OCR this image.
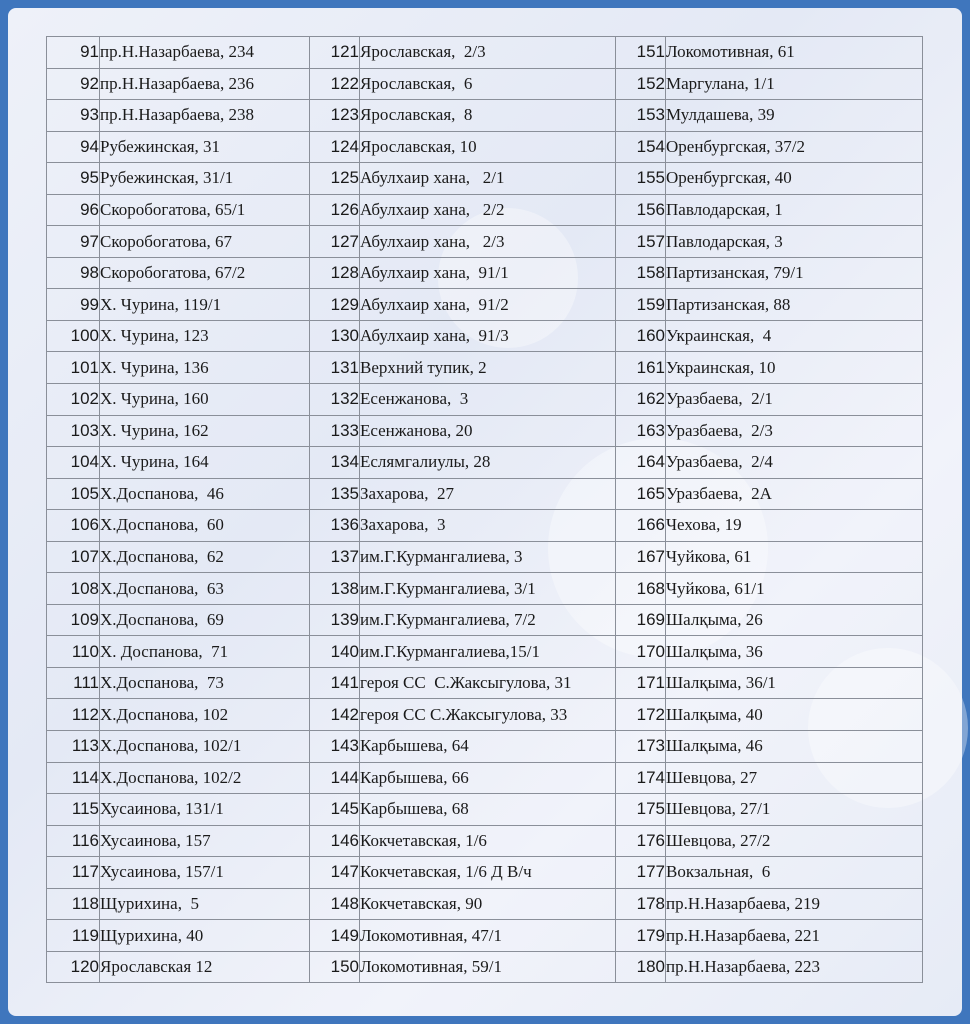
91	пр.Н.Назарбаева, 234	121	Ярославская,  2/3	151	Локомотивная, 61
92	пр.Н.Назарбаева, 236	122	Ярославская,  6	152	Маргулана, 1/1
93	пр.Н.Назарбаева, 238	123	Ярославская,  8	153	Мулдашева, 39
94	Рубежинская, 31	124	Ярославская, 10	154	Оренбургская, 37/2
95	Рубежинская, 31/1	125	Абулхаир хана,   2/1	155	Оренбургская, 40
96	Скоробогатова, 65/1	126	Абулхаир хана,   2/2	156	Павлодарская, 1
97	Скоробогатова, 67	127	Абулхаир хана,   2/3	157	Павлодарская, 3
98	Скоробогатова, 67/2	128	Абулхаир хана,  91/1	158	Партизанская, 79/1
99	Х. Чурина, 119/1	129	Абулхаир хана,  91/2	159	Партизанская, 88
100	Х. Чурина, 123	130	Абулхаир хана,  91/3	160	Украинская,  4
101	Х. Чурина, 136	131	Верхний тупик, 2	161	Украинская, 10
102	Х. Чурина, 160	132	Есенжанова,  3	162	Уразбаева,  2/1
103	Х. Чурина, 162	133	Есенжанова, 20	163	Уразбаева,  2/3
104	Х. Чурина, 164	134	Еслямгалиулы, 28	164	Уразбаева,  2/4
105	Х.Доспанова,  46	135	Захарова,  27	165	Уразбаева,  2А
106	Х.Доспанова,  60	136	Захарова,  3	166	Чехова, 19
107	Х.Доспанова,  62	137	им.Г.Курмангалиева, 3	167	Чуйкова, 61
108	Х.Доспанова,  63	138	им.Г.Курмангалиева, 3/1	168	Чуйкова, 61/1
109	Х.Доспанова,  69	139	им.Г.Курмангалиева, 7/2	169	Шалқыма, 26
110	Х. Доспанова,  71	140	им.Г.Курмангалиева,15/1	170	Шалқыма, 36
111	Х.Доспанова,  73	141	героя СС  С.Жаксыгулова, 31	171	Шалқыма, 36/1
112	Х.Доспанова, 102	142	героя СС С.Жаксыгулова, 33	172	Шалқыма, 40
113	Х.Доспанова, 102/1	143	Карбышева, 64	173	Шалқыма, 46
114	Х.Доспанова, 102/2	144	Карбышева, 66	174	Шевцова, 27
115	Хусаинова, 131/1	145	Карбышева, 68	175	Шевцова, 27/1
116	Хусаинова, 157	146	Кокчетавская, 1/6	176	Шевцова, 27/2
117	Хусаинова, 157/1	147	Кокчетавская, 1/6 Д В/ч	177	Вокзальная,  6
118	Щурихина,  5	148	Кокчетавская, 90	178	пр.Н.Назарбаева, 219
119	Щурихина, 40	149	Локомотивная, 47/1	179	пр.Н.Назарбаева, 221
120	Ярославская 12	150	Локомотивная, 59/1	180	пр.Н.Назарбаева, 223
